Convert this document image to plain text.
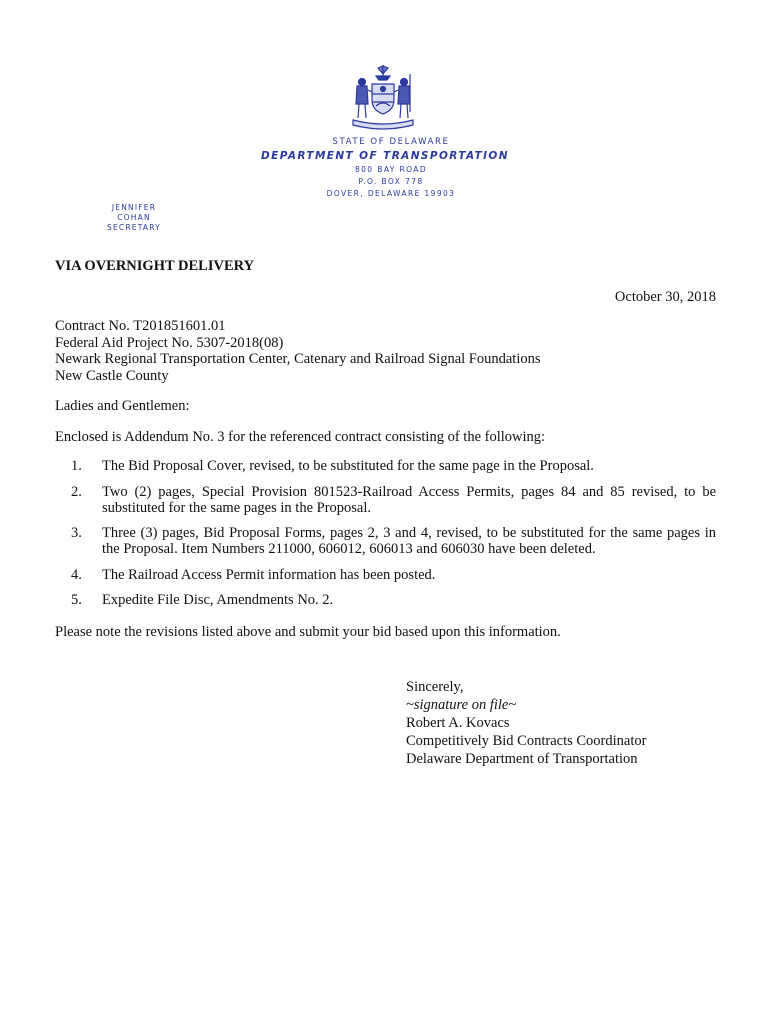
STATE OF DELAWARE
DEPARTMENT OF TRANSPORTATION
800 BAY ROAD
P.O. BOX 778
DOVER, DELAWARE 19903
JENNIFER COHAN
SECRETARY
VIA OVERNIGHT DELIVERY
October 30, 2018
Contract No. T201851601.01
Federal Aid Project No. 5307-2018(08)
Newark Regional Transportation Center, Catenary and Railroad Signal Foundations
New Castle County
Ladies and Gentlemen:
Enclosed is Addendum No. 3 for the referenced contract consisting of the following:
1.	The Bid Proposal Cover, revised, to be substituted for the same page in the Proposal.
2.	Two (2) pages, Special Provision 801523-Railroad Access Permits, pages 84 and 85 revised, to be substituted for the same pages in the Proposal.
3.	Three (3) pages, Bid Proposal Forms, pages 2, 3 and 4, revised, to be substituted for the same pages in the Proposal. Item Numbers 211000, 606012, 606013 and 606030 have been deleted.
4.	The Railroad Access Permit information has been posted.
5.	Expedite File Disc, Amendments No. 2.
Please note the revisions listed above and submit your bid based upon this information.
Sincerely,
~signature on file~
Robert A. Kovacs
Competitively Bid Contracts Coordinator
Delaware Department of Transportation
